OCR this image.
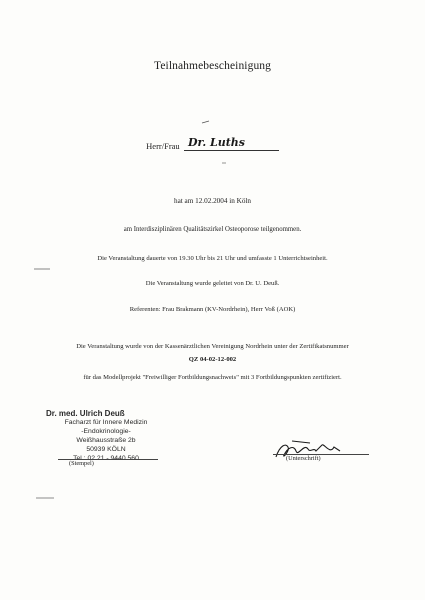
Teilnahmebescheinigung
Herr/Frau Dr. Luths
hat am 12.02.2004 in Köln
am Interdisziplinären Qualitätszirkel Osteoporose teilgenommen.
Die Veranstaltung dauerte von 19.30 Uhr bis 21 Uhr und umfasste 1 Unterrichtseinheit.
Die Veranstaltung wurde geleitet von Dr. U. Deuß.
Referenten: Frau Brakmann (KV-Nordrhein), Herr Voß (AOK)
Die Veranstaltung wurde von der Kassenärztlichen Vereinigung Nordrhein unter der Zertifikatsnummer
QZ 04-02-12-002
für das Modellprojekt "Freiwilliger Fortbildungsnachweis" mit 3 Fortbildungspunkten zertifiziert.
Dr. med. Ulrich Deuß
Facharzt für Innere Medizin
-Endokrinologie-
Weißhausstraße 2b
50939 KÖLN
Tel.: 02 21 - 9440 560
(Stempel)
(Unterschrift)
